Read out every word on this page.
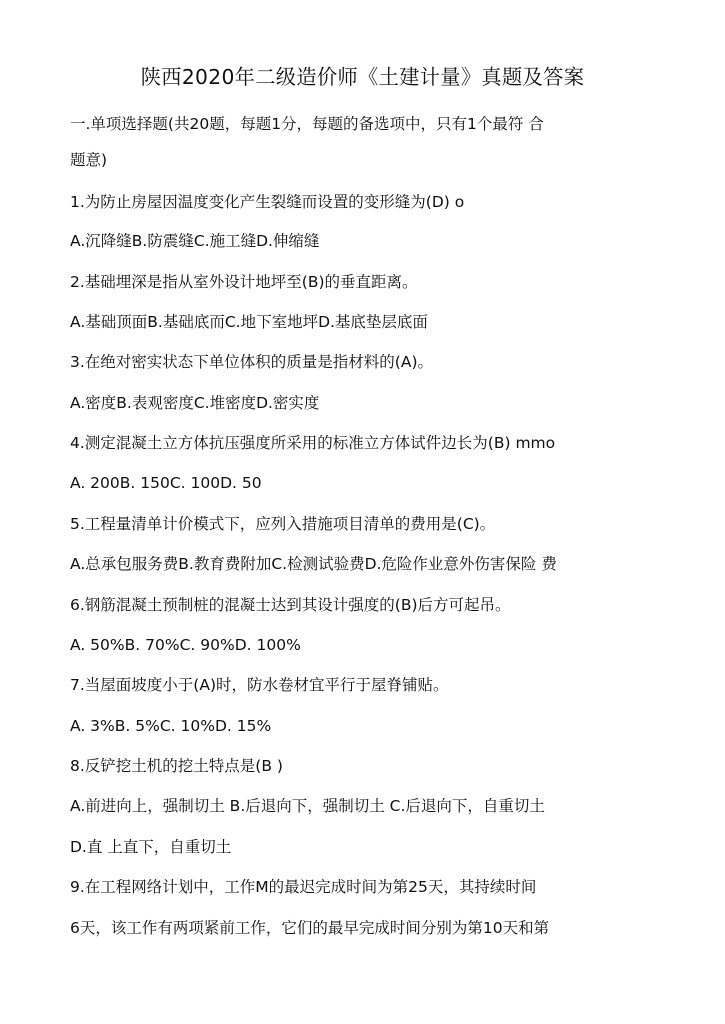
陕西2020年二级造价师《土建计量》真题及答案
一.单项选择题(共20题，每题1分，每题的备选项中，只有1个最符 合
题意)
1.为防止房屋因温度变化产生裂缝而设置的变形缝为(D) o
A.沉降缝B.防震缝C.施工缝D.伸缩缝
2.基础埋深是指从室外设计地坪至(B)的垂直距离。
A.基础顶面B.基础底而C.地下室地坪D.基底垫层底面
3.在绝对密实状态下单位体积的质量是指材料的(A)。
A.密度B.表观密度C.堆密度D.密实度
4.测定混凝土立方体抗压强度所采用的标准立方体试件边长为(B) mmo
A. 200B. 150C. 100D. 50
5.工程量清单计价模式下，应列入措施项目清单的费用是(C)。
A.总承包服务费B.教育费附加C.检测试验费D.危险作业意外伤害保险 费
6.钢筋混凝土预制桩的混凝士达到其设计强度的(B)后方可起吊。
A. 50%B. 70%C. 90%D. 100%
7.当屋面坡度小于(A)时，防水卷材宜平行于屋脊铺贴。
A. 3%B. 5%C. 10%D. 15%
8.反铲挖土机的挖土特点是(B )
A.前进向上，强制切土 B.后退向下，强制切土 C.后退向下，自重切土
D.直 上直下，自重切土
9.在工程网络计划中，工作M的最迟完成时间为第25天，其持续时间
6天，该工作有两项紧前工作，它们的最早完成时间分别为第10天和第
